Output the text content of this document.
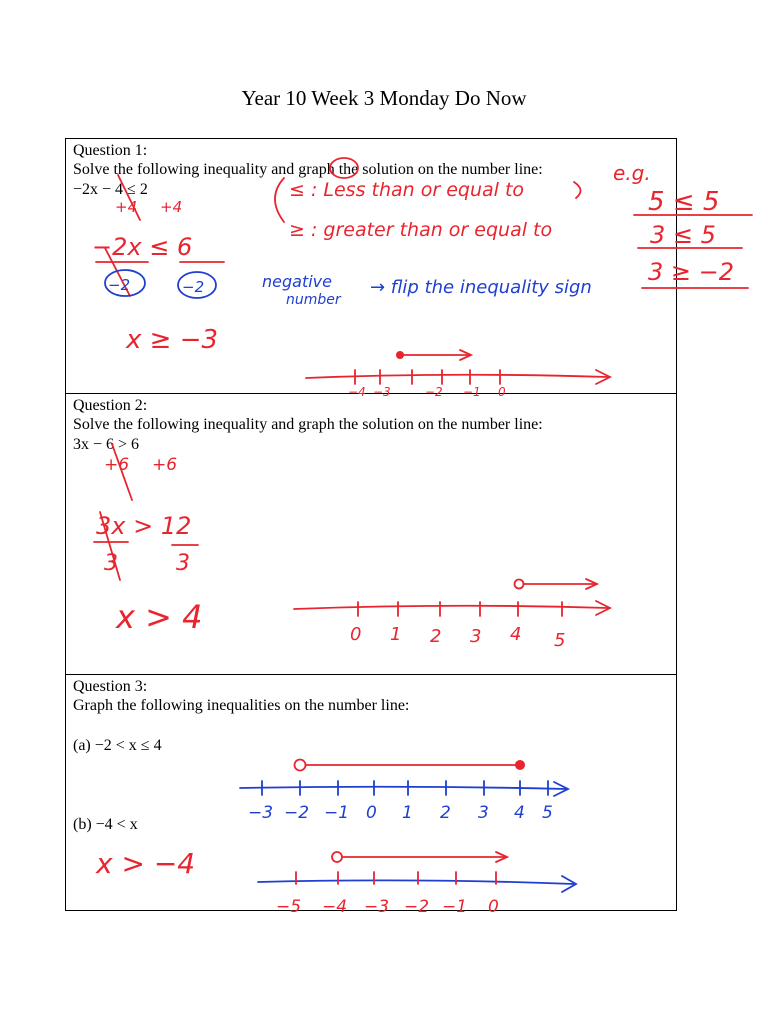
Year 10 Week 3 Monday Do Now
Question 1:
Solve the following inequality and graph the solution on the number line:
−2x − 4 ≤ 2
Question 2:
Solve the following inequality and graph the solution on the number line:
3x − 6 > 6
Question 3:
Graph the following inequalities on the number line:
(a) −2 < x ≤ 4
(b) −4 < x
e.g.
≤ : Less than or equal to
≥ : greater than or equal to
+4 +4
−2x ≤ 6
x ≥ −3
5 ≤ 5
3 ≤ 5
3 ≥ −2
−4 −3	−2 −1 0
−2	−2	negative
number
→ flip the inequality sign
+6 +6
3x > 12
3	3
x > 4	0 1 2 3 4 5
−3 −2 −1 0 1 2 3 4 5
x > −4
−5 −4 −3 −2 −1 0
